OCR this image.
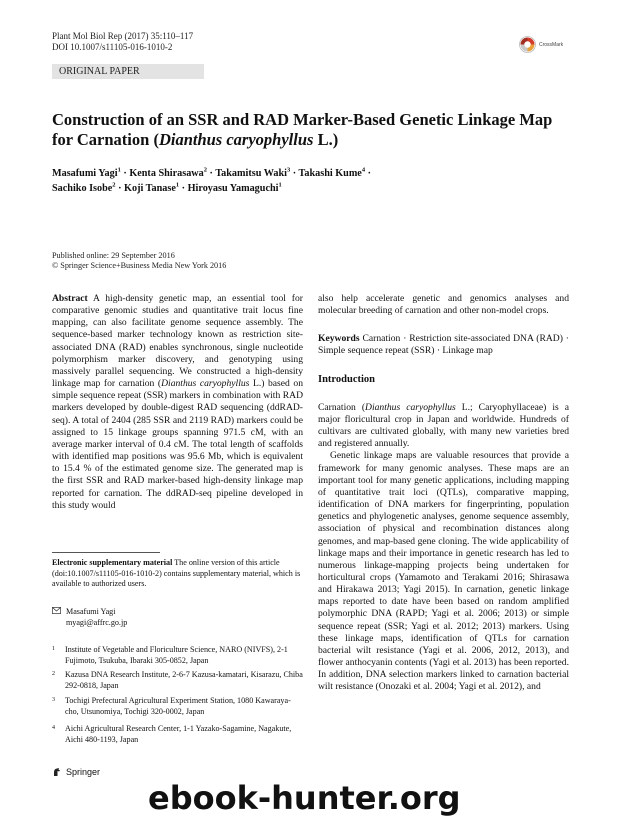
Plant Mol Biol Rep (2017) 35:110–117
DOI 10.1007/s11105-016-1010-2	CrossMark
ORIGINAL PAPER
Construction of an SSR and RAD Marker-Based Genetic Linkage Map for Carnation (Dianthus caryophyllus L.)
Masafumi Yagi$^1$ · Kenta Shirasawa$^2$ · Takamitsu Waki$^3$ · Takashi Kume$^4$ ·
Sachiko Isobe$^2$ · Koji Tanase$^1$ · Hiroyasu Yamaguchi$^1$
Published online: 29 September 2016
© Springer Science+Business Media New York 2016

Abstract A high-density genetic map, an essential tool for comparative genomic studies and quantitative trait locus fine mapping, can also facilitate genome sequence assembly. The sequence-based marker technology known as restriction site-associated DNA (RAD) enables synchronous, single nucleotide polymorphism marker discovery, and genotyping using massively parallel sequencing. We constructed a high-density linkage map for carnation (Dianthus caryophyllus L.) based on simple sequence repeat (SSR) markers in combination with RAD markers developed by double-digest RAD sequencing (ddRAD-seq). A total of 2404 (285 SSR and 2119 RAD) markers could be assigned to 15 linkage groups spanning 971.5 cM, with an average marker interval of 0.4 cM. The total length of scaffolds with identified map positions was 95.6 Mb, which is equivalent to 15.4 % of the estimated genome size. The generated map is the first SSR and RAD marker-based high-density linkage map reported for carnation. The ddRAD-seq pipeline developed in this study would

also help accelerate genetic and genomics analyses and molecular breeding of carnation and other non-model crops.

Keywords Carnation · Restriction site-associated DNA (RAD) · Simple sequence repeat (SSR) · Linkage map

Introduction

Carnation (Dianthus caryophyllus L.; Caryophyllaceae) is a major floricultural crop in Japan and worldwide. Hundreds of cultivars are cultivated globally, with many new varieties bred and registered annually.

Genetic linkage maps are valuable resources that provide a framework for many genomic analyses. These maps are an important tool for many genetic applications, including mapping of quantitative trait loci (QTLs), comparative mapping, identification of DNA markers for fingerprinting, population genetics and phylogenetic analyses, genome sequence assembly, association of physical and recombination distances along genomes, and map-based gene cloning. The wide applicability of linkage maps and their importance in genetic research has led to numerous linkage-mapping projects being undertaken for horticultural crops (Yamamoto and Terakami 2016; Shirasawa and Hirakawa 2013; Yagi 2015). In carnation, genetic linkage maps reported to date have been based on random amplified polymorphic DNA (RAPD; Yagi et al. 2006; 2013) or simple sequence repeat (SSR; Yagi et al. 2012; 2013) markers. Using these linkage maps, identification of QTLs for carnation bacterial wilt resistance (Yagi et al. 2006, 2012, 2013), and flower anthocyanin contents (Yagi et al. 2013) has been reported. In addition, DNA selection markers linked to carnation bacterial wilt resistance (Onozaki et al. 2004; Yagi et al. 2012), and

Electronic supplementary material The online version of this article (doi:10.1007/s11105-016-1010-2) contains supplementary material, which is available to authorized users.
Masafumi Yagi
myagi@affrc.go.jp
1	Institute of Vegetable and Floriculture Science, NARO (NIVFS), 2-1 Fujimoto, Tsukuba, Ibaraki 305-0852, Japan
2	Kazusa DNA Research Institute, 2-6-7 Kazusa-kamatari, Kisarazu, Chiba 292-0818, Japan
3	Tochigi Prefectural Agricultural Experiment Station, 1080 Kawaraya-cho, Utsunomiya, Tochigi 320-0002, Japan
4	Aichi Agricultural Research Center, 1-1 Yazako-Sagamine, Nagakute, Aichi 480-1193, Japan
Springer
ebook-hunter.org
